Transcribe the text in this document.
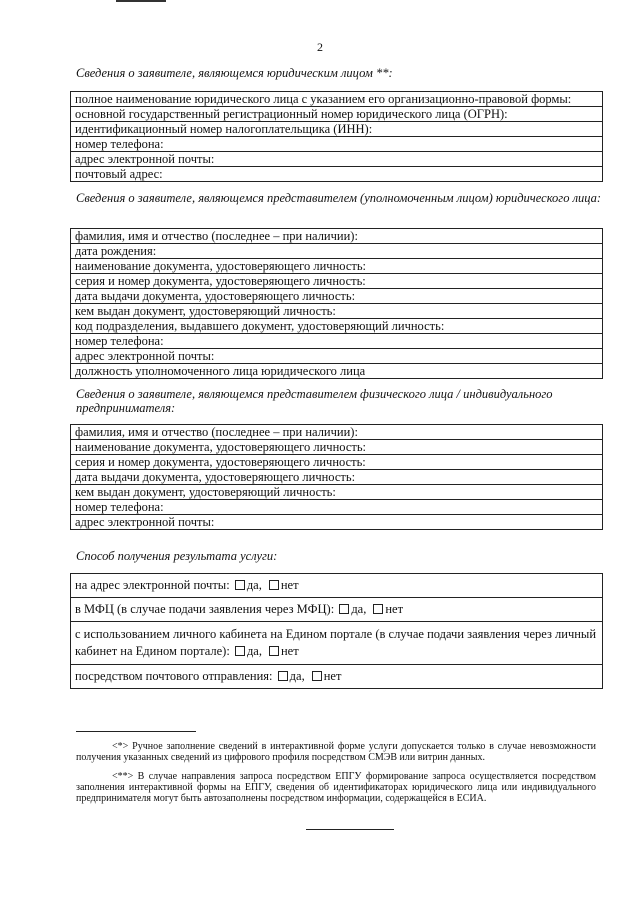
2
Сведения о заявителе, являющемся юридическим лицом **:
полное наименование юридического лица с указанием его организационно-правовой формы:
основной государственный регистрационный номер юридического лица (ОГРН):
идентификационный номер налогоплательщика (ИНН):
номер телефона:
адрес электронной почты:
почтовый адрес:
Сведения о заявителе, являющемся представителем (уполномоченным лицом) юридического лица:
фамилия, имя и отчество (последнее – при наличии):
дата рождения:
наименование документа, удостоверяющего личность:
серия и номер документа, удостоверяющего личность:
дата выдачи документа, удостоверяющего личность:
кем выдан документ, удостоверяющий личность:
код подразделения, выдавшего документ, удостоверяющий личность:
номер телефона:
адрес электронной почты:
должность уполномоченного лица юридического лица
Сведения о заявителе, являющемся представителем физического лица / индивидуального предпринимателя:
фамилия, имя и отчество (последнее – при наличии):
наименование документа, удостоверяющего личность:
серия и номер документа, удостоверяющего личность:
дата выдачи документа, удостоверяющего личность:
кем выдан документ, удостоверяющий личность:
номер телефона:
адрес электронной почты:
Способ получения результата услуги:
на адрес электронной почты: да, нет
в МФЦ (в случае подачи заявления через МФЦ): да, нет
с использованием личного кабинета на Едином портале (в случае подачи заявления через личный кабинет на Едином портале): да, нет
посредством почтового отправления: да, нет
<*> Ручное заполнение сведений в интерактивной форме услуги допускается только в случае невозможности получения указанных сведений из цифрового профиля посредством СМЭВ или витрин данных.
<**> В случае направления запроса посредством ЕПГУ формирование запроса осуществляется посредством заполнения интерактивной формы на ЕПГУ, сведения об идентификаторах юридического лица или индивидуального предпринимателя могут быть автозаполнены посредством информации, содержащейся в ЕСИА.
